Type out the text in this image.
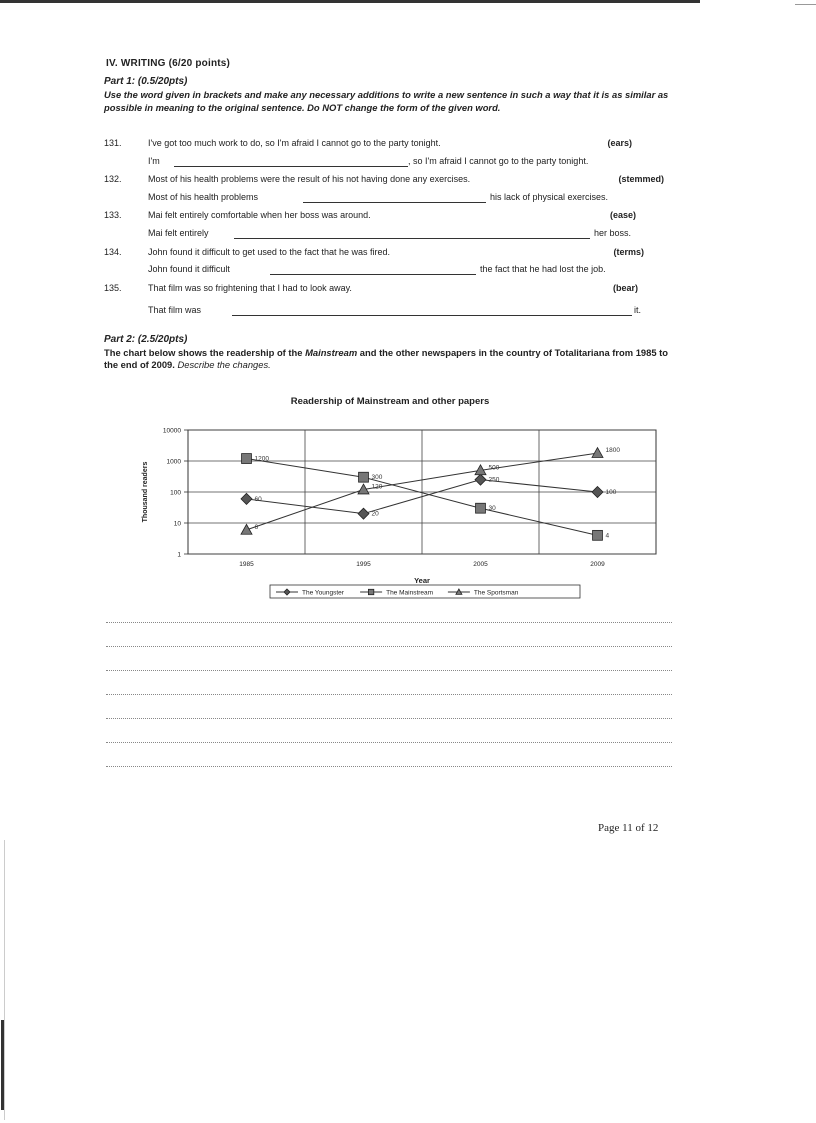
IV. WRITING (6/20 points)
Part 1: (0.5/20pts)
Use the word given in brackets and make any necessary additions to write a new sentence in such a way that it is as similar as possible in meaning to the original sentence. Do NOT change the form of the given word.
131.	I've got too much work to do, so I'm afraid I cannot go to the party tonight.	(ears)
I'm	, so I'm afraid I cannot go to the party tonight.
132.	Most of his health problems were the result of his not having done any exercises.	(stemmed)
Most of his health problems	his lack of physical exercises.
133.	Mai felt entirely comfortable when her boss was around.	(ease)
Mai felt entirely	her boss.
134.	John found it difficult to get used to the fact that he was fired.	(terms)
John found it difficult	the fact that he had lost the job.
135.	That film was so frightening that I had to look away.	(bear)
That film was	it.
Part 2: (2.5/20pts)
The chart below shows the readership of the Mainstream and the other newspapers in the country of Totalitariana from 1985 to the end of 2009. Describe the changes.
Readership of Mainstream and other papers
1
10
100
1000
10000
1985	1995	2005	2009
60
20
250
100
1200
300
30
4
6
120
500
1800
Thousand readers
Year
The Youngster	The Mainstream	The Sportsman
Page 11 of 12
